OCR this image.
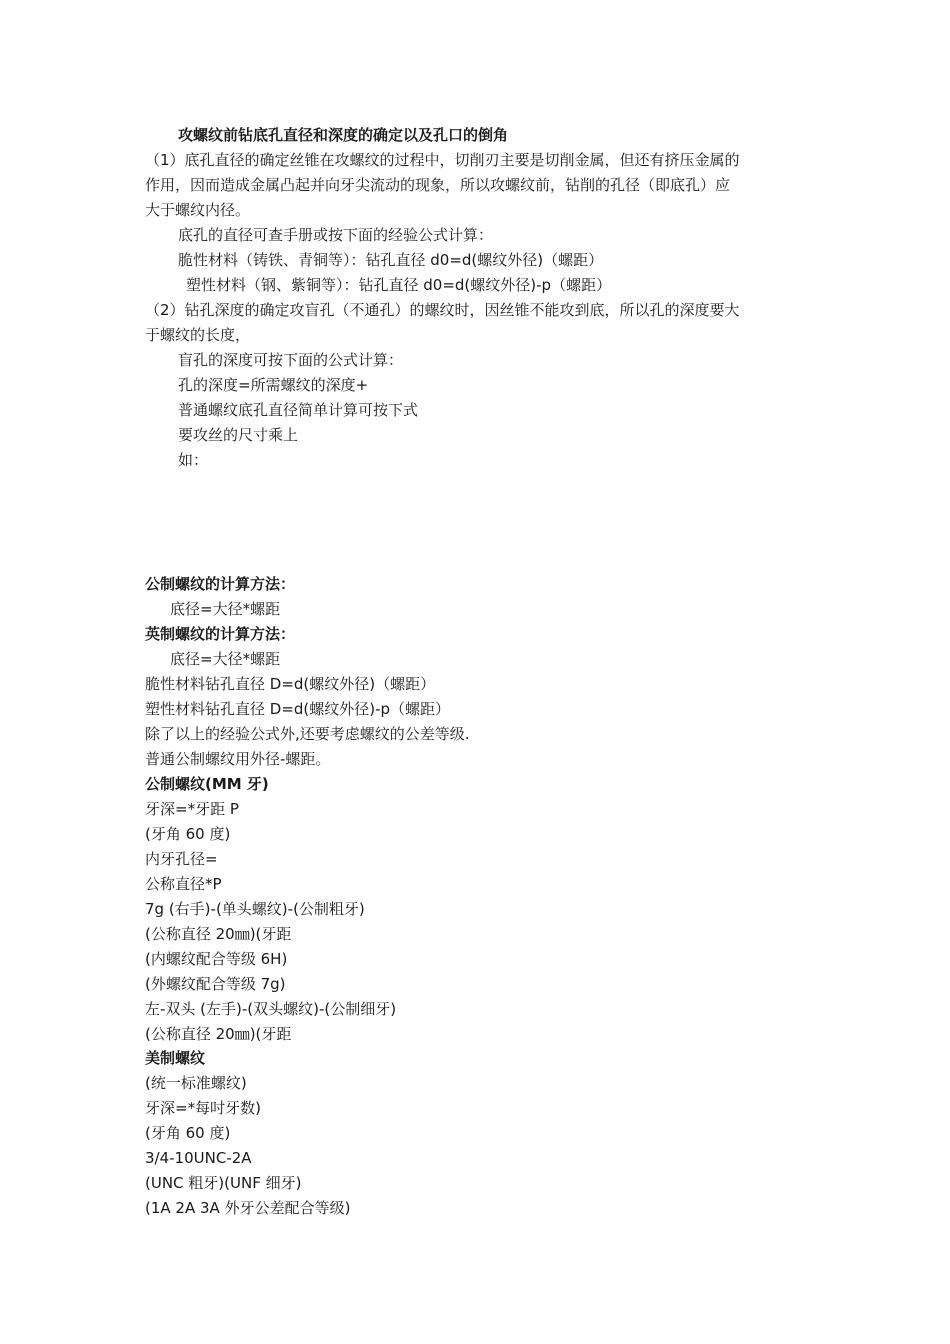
攻螺纹前钻底孔直径和深度的确定以及孔口的倒角
（1）底孔直径的确定丝锥在攻螺纹的过程中，切削刃主要是切削金属，但还有挤压金属的
作用，因而造成金属凸起并向牙尖流动的现象，所以攻螺纹前，钻削的孔径（即底孔）应
大于螺纹内径。
底孔的直径可查手册或按下面的经验公式计算：
脆性材料（铸铁、青铜等）：钻孔直径 d0=d(螺纹外径)（螺距）
塑性材料（钢、紫铜等）：钻孔直径 d0=d(螺纹外径)-p（螺距）
（2）钻孔深度的确定攻盲孔（不通孔）的螺纹时，因丝锥不能攻到底，所以孔的深度要大
于螺纹的长度，
盲孔的深度可按下面的公式计算：
孔的深度=所需螺纹的深度+
普通螺纹底孔直径简单计算可按下式
要攻丝的尺寸乘上
如：
公制螺纹的计算方法：
底径=大径*螺距
英制螺纹的计算方法：
底径=大径*螺距
脆性材料钻孔直径 D=d(螺纹外径)（螺距）
塑性材料钻孔直径 D=d(螺纹外径)-p（螺距）
除了以上的经验公式外,还要考虑螺纹的公差等级.
普通公制螺纹用外径-螺距。
公制螺纹(MM 牙)
牙深=*牙距 P
(牙角 60 度)
内牙孔径=
公称直径*P
7g (右手)-(单头螺纹)-(公制粗牙)
(公称直径 20㎜)(牙距
(内螺纹配合等级 6H)
(外螺纹配合等级 7g)
左-双头 (左手)-(双头螺纹)-(公制细牙)
(公称直径 20㎜)(牙距
美制螺纹
(统一标准螺纹)
牙深=*每吋牙数)
(牙角 60 度)
3/4-10UNC-2A
(UNC 粗牙)(UNF 细牙)
(1A 2A 3A 外牙公差配合等级)
